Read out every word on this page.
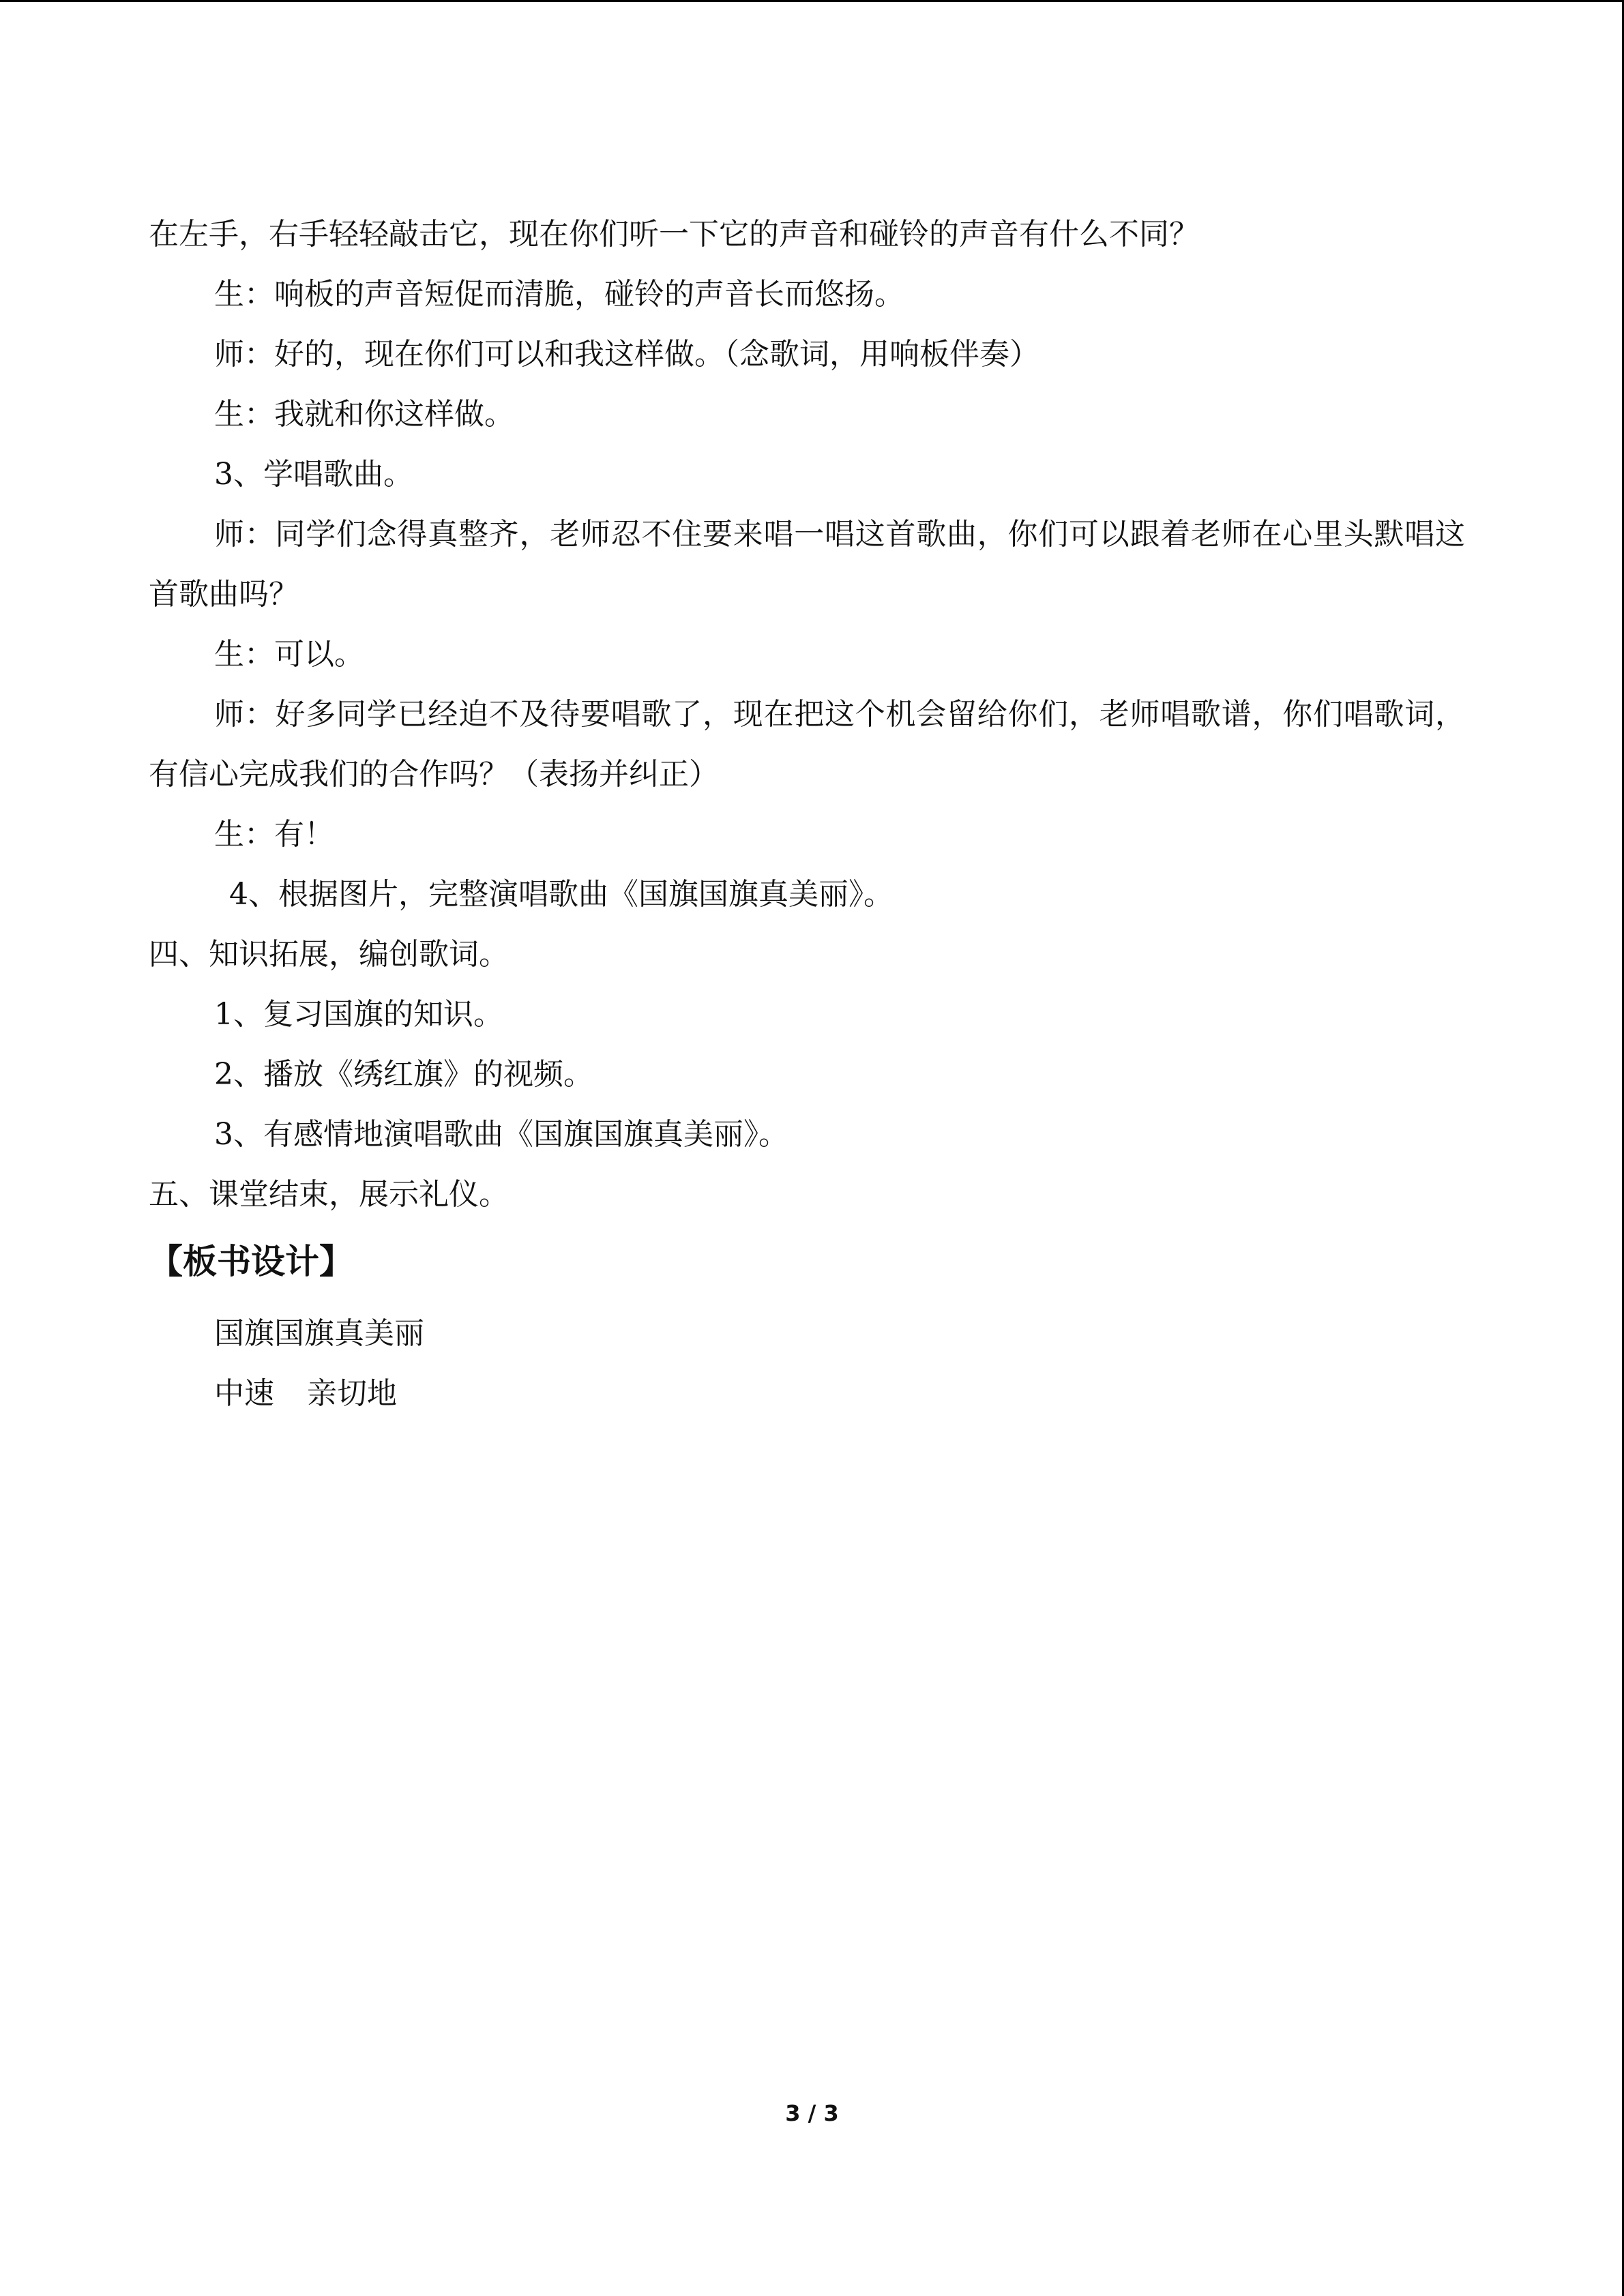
在左手，右手轻轻敲击它，现在你们听一下它的声音和碰铃的声音有什么不同？
生：响板的声音短促而清脆，碰铃的声音长而悠扬。
师：好的，现在你们可以和我这样做。（念歌词，用响板伴奏）
生：我就和你这样做。
3、学唱歌曲。
师：同学们念得真整齐，老师忍不住要来唱一唱这首歌曲，你们可以跟着老师在心里头默唱这首歌曲吗？
生：可以。
师：好多同学已经迫不及待要唱歌了，现在把这个机会留给你们，老师唱歌谱，你们唱歌词，有信心完成我们的合作吗？（表扬并纠正）
生：有！
4、根据图片，完整演唱歌曲《国旗国旗真美丽》。
四、知识拓展，编创歌词。
1、复习国旗的知识。
2、播放《绣红旗》的视频。
3、有感情地演唱歌曲《国旗国旗真美丽》。
五、课堂结束，展示礼仪。
【板书设计】
国旗国旗真美丽
中速 亲切地
3 / 3
